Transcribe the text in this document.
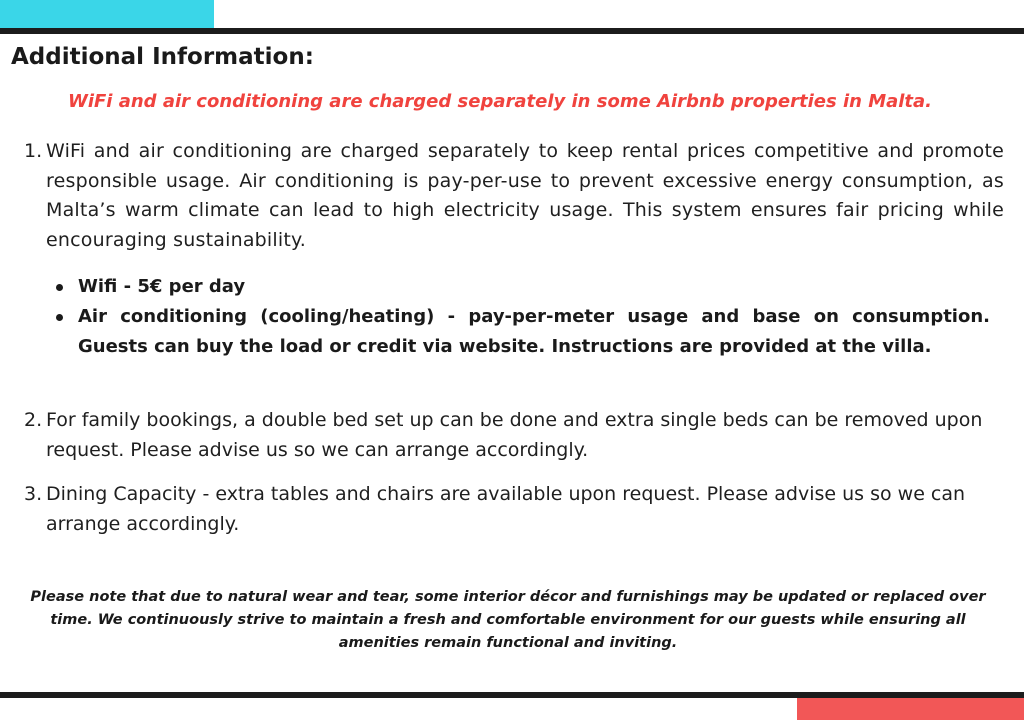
Additional Information:

WiFi and air conditioning are charged separately in some Airbnb properties in Malta.

1. WiFi and air conditioning are charged separately to keep rental prices competitive and promote responsible usage. Air conditioning is pay-per-use to prevent excessive energy consumption, as Malta’s warm climate can lead to high electricity usage. This system ensures fair pricing while encouraging sustainability.
Wifi - 5€ per day
Air conditioning (cooling/heating) - pay-per-meter usage and base on consumption. Guests can buy the load or credit via website. Instructions are provided at the villa.
2. For family bookings, a double bed set up can be done and extra single beds can be removed upon request. Please advise us so we can arrange accordingly.
3. Dining Capacity - extra tables and chairs are available upon request. Please advise us so we can arrange accordingly.

Please note that due to natural wear and tear, some interior décor and furnishings may be updated or replaced over time. We continuously strive to maintain a fresh and comfortable environment for our guests while ensuring all amenities remain functional and inviting.
